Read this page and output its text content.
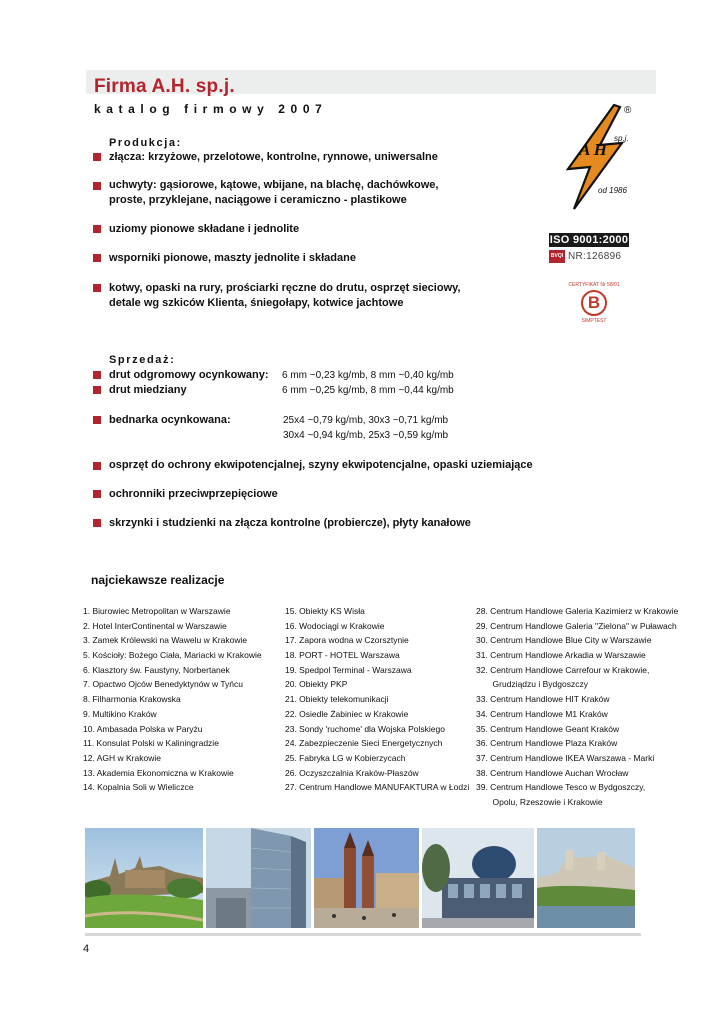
Firma A.H. sp.j.
katalog firmowy 2007
A H
®
sp.j.
od 1986
ISO 9001:2000
BVQI NR:126896
CERTYFIKAT Nr 58/01
B
SIMPTEST
Produkcja:
złącza: krzyżowe, przelotowe, kontrolne, rynnowe, uniwersalne
uchwyty: gąsiorowe, kątowe, wbijane, na blachę, dachówkowe,
proste, przyklejane, naciągowe i ceramiczno - plastikowe
uziomy pionowe składane i jednolite
wsporniki pionowe, maszty jednolite i składane
kotwy, opaski na rury, prościarki ręczne do drutu, osprzęt sieciowy,
detale wg szkiców Klienta, śniegołapy, kotwice jachtowe
Sprzedaż:
drut odgromowy ocynkowany: 6 mm ~0,23 kg/mb, 8 mm ~0,40 kg/mb
drut miedziany	6 mm ~0,25 kg/mb, 8 mm ~0,44 kg/mb
bednarka ocynkowana:	25x4 ~0,79 kg/mb, 30x3 ~0,71 kg/mb
30x4 ~0,94 kg/mb, 25x3 ~0,59 kg/mb
osprzęt do ochrony ekwipotencjalnej, szyny ekwipotencjalne, opaski uziemiające
ochronniki przeciwprzepięciowe
skrzynki i studzienki na złącza kontrolne (probiercze), płyty kanałowe
najciekawsze realizacje
1. Biurowiec Metropolitan w Warszawie
2. Hotel InterContinental w Warszawie
3. Zamek Królewski na Wawelu w Krakowie
5. Kościoły: Bożego Ciała, Mariacki w Krakowie
6. Klasztory św. Faustyny, Norbertanek
7. Opactwo Ojców Benedyktynów w Tyńcu
8. Filharmonia Krakowska
9. Multikino Kraków
10. Ambasada Polska w Paryżu
11. Konsulat Polski w Kaliningradzie
12. AGH w Krakowie
13. Akademia Ekonomiczna w Krakowie
14. Kopalnia Soli w Wieliczce
15. Obiekty KS Wisła
16. Wodociągi w Krakowie
17. Zapora wodna w Czorsztynie
18. PORT - HOTEL Warszawa
19. Spedpol Terminal - Warszawa
20. Obiekty PKP
21. Obiekty telekomunikacji
22. Osiedle Żabiniec w Krakowie
23. Sondy 'ruchome' dla Wojska Polskiego
24. Zabezpieczenie Sieci Energetycznych
25. Fabryka LG w Kobierzycach
26. Oczyszczalnia Kraków-Płaszów
27. Centrum Handlowe MANUFAKTURA w Łodzi
28. Centrum Handlowe Galeria Kazimierz w Krakowie
29. Centrum Handlowe Galeria "Zielona" w Puławach
30. Centrum Handlowe Blue City w Warszawie
31. Centrum Handlowe Arkadia w Warszawie
32. Centrum Handlowe Carrefour w Krakowie,
Grudziądzu i Bydgoszczy
33. Centrum Handlowe HIT Kraków
34. Centrum Handlowe M1 Kraków
35. Centrum Handlowe Geant Kraków
36. Centrum Handlowe Plaza Kraków
37. Centrum Handlowe IKEA Warszawa - Marki
38. Centrum Handlowe Auchan Wrocław
39. Centrum Handlowe Tesco w Bydgoszczy,
Opolu, Rzeszowie i Krakowie
4
